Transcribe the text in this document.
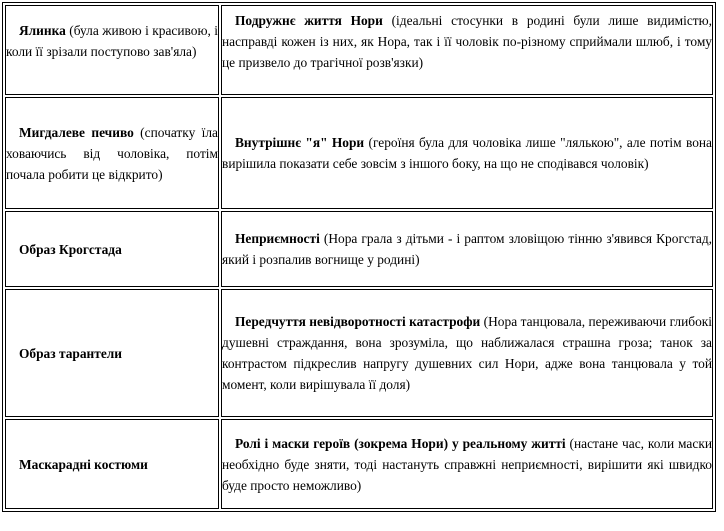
Ялинка (була живою і красивою, і коли її зрізали поступово зав'яла)	Подружнє життя Нори (ідеальні стосунки в родині були лише видимістю, насправді кожен із них, як Нора, так і її чоловік по-різному сприймали шлюб, і тому це призвело до трагічної розв'язки)

Мигдалеве печиво (спочатку їла ховаючись від чоловіка, потім почала робити це відкрито)	Внутрішнє "я" Нори (героїня була для чоловіка лише "лялькою", але потім вона вирішила показати себе зовсім з іншого боку, на що не сподівався чоловік)

Образ Крогстада	Неприємності (Нора грала з дітьми - і раптом зловіщою тінню з'явився Крогстад, який і розпалив вогнище у родині)

Образ тарантели	Передчуття невідворотності катастрофи (Нора танцювала, переживаючи глибокі душевні страждання, вона зрозуміла, що наближалася страшна гроза; танок за контрастом підкреслив напругу душевних сил Нори, адже вона танцювала у той момент, коли вирішувала її доля)

Маскарадні костюми	Ролі і маски героїв (зокрема Нори) у реальному житті (настане час, коли маски необхідно буде зняти, тоді настануть справжні неприємності, вирішити які швидко буде просто неможливо)
